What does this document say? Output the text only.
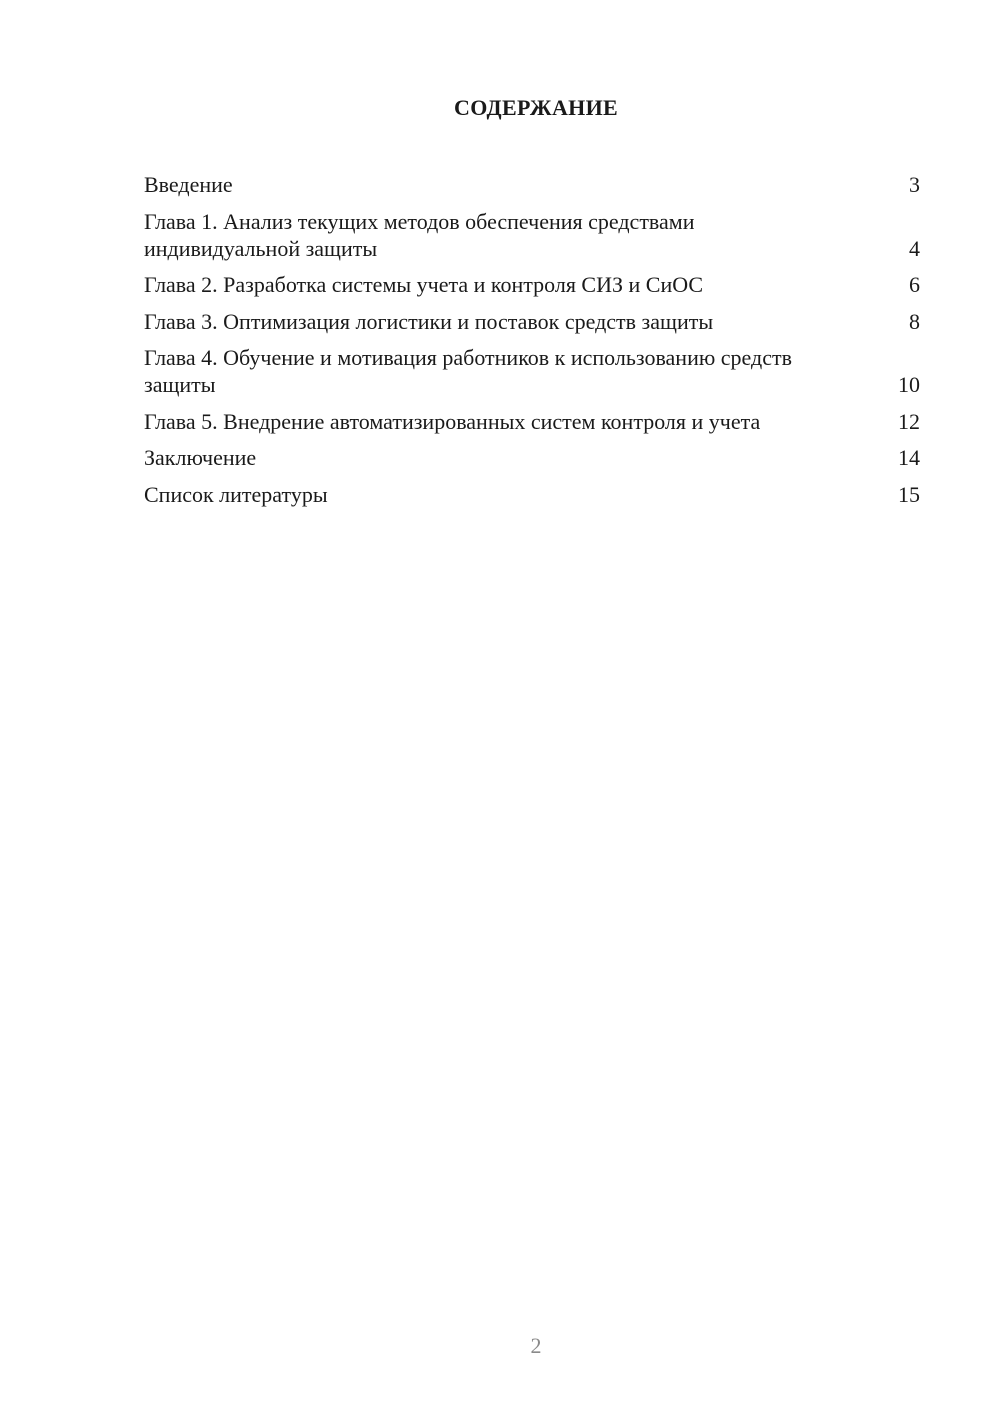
СОДЕРЖАНИЕ
Введение	3
Глава 1. Анализ текущих методов обеспечения средствами индивидуальной защиты	4
Глава 2. Разработка системы учета и контроля СИЗ и СиОС	6
Глава 3. Оптимизация логистики и поставок средств защиты	8
Глава 4. Обучение и мотивация работников к использованию средств защиты	10
Глава 5. Внедрение автоматизированных систем контроля и учета	12
Заключение	14
Список литературы	15
2
